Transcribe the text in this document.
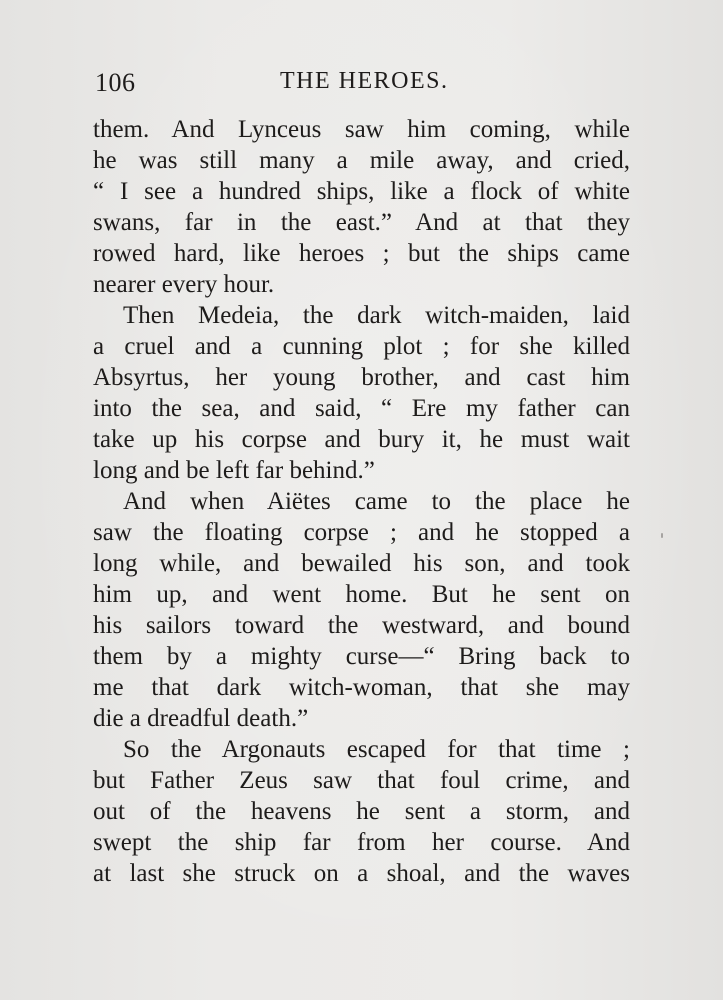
106	THE HEROES.
them. And Lynceus saw him coming, while
he was still many a mile away, and cried,
“ I see a hundred ships, like a flock of white
swans, far in the east.” And at that they
rowed hard, like heroes ; but the ships came
nearer every hour.
Then Medeia, the dark witch-maiden, laid
a cruel and a cunning plot ; for she killed
Absyrtus, her young brother, and cast him
into the sea, and said, “ Ere my father can
take up his corpse and bury it, he must wait
long and be left far behind.”
And when Aiëtes came to the place he
saw the floating corpse ; and he stopped a
long while, and bewailed his son, and took
him up, and went home. But he sent on
his sailors toward the westward, and bound
them by a mighty curse—“ Bring back to
me that dark witch-woman, that she may
die a dreadful death.”
So the Argonauts escaped for that time ;
but Father Zeus saw that foul crime, and
out of the heavens he sent a storm, and
swept the ship far from her course. And
at last she struck on a shoal, and the waves
